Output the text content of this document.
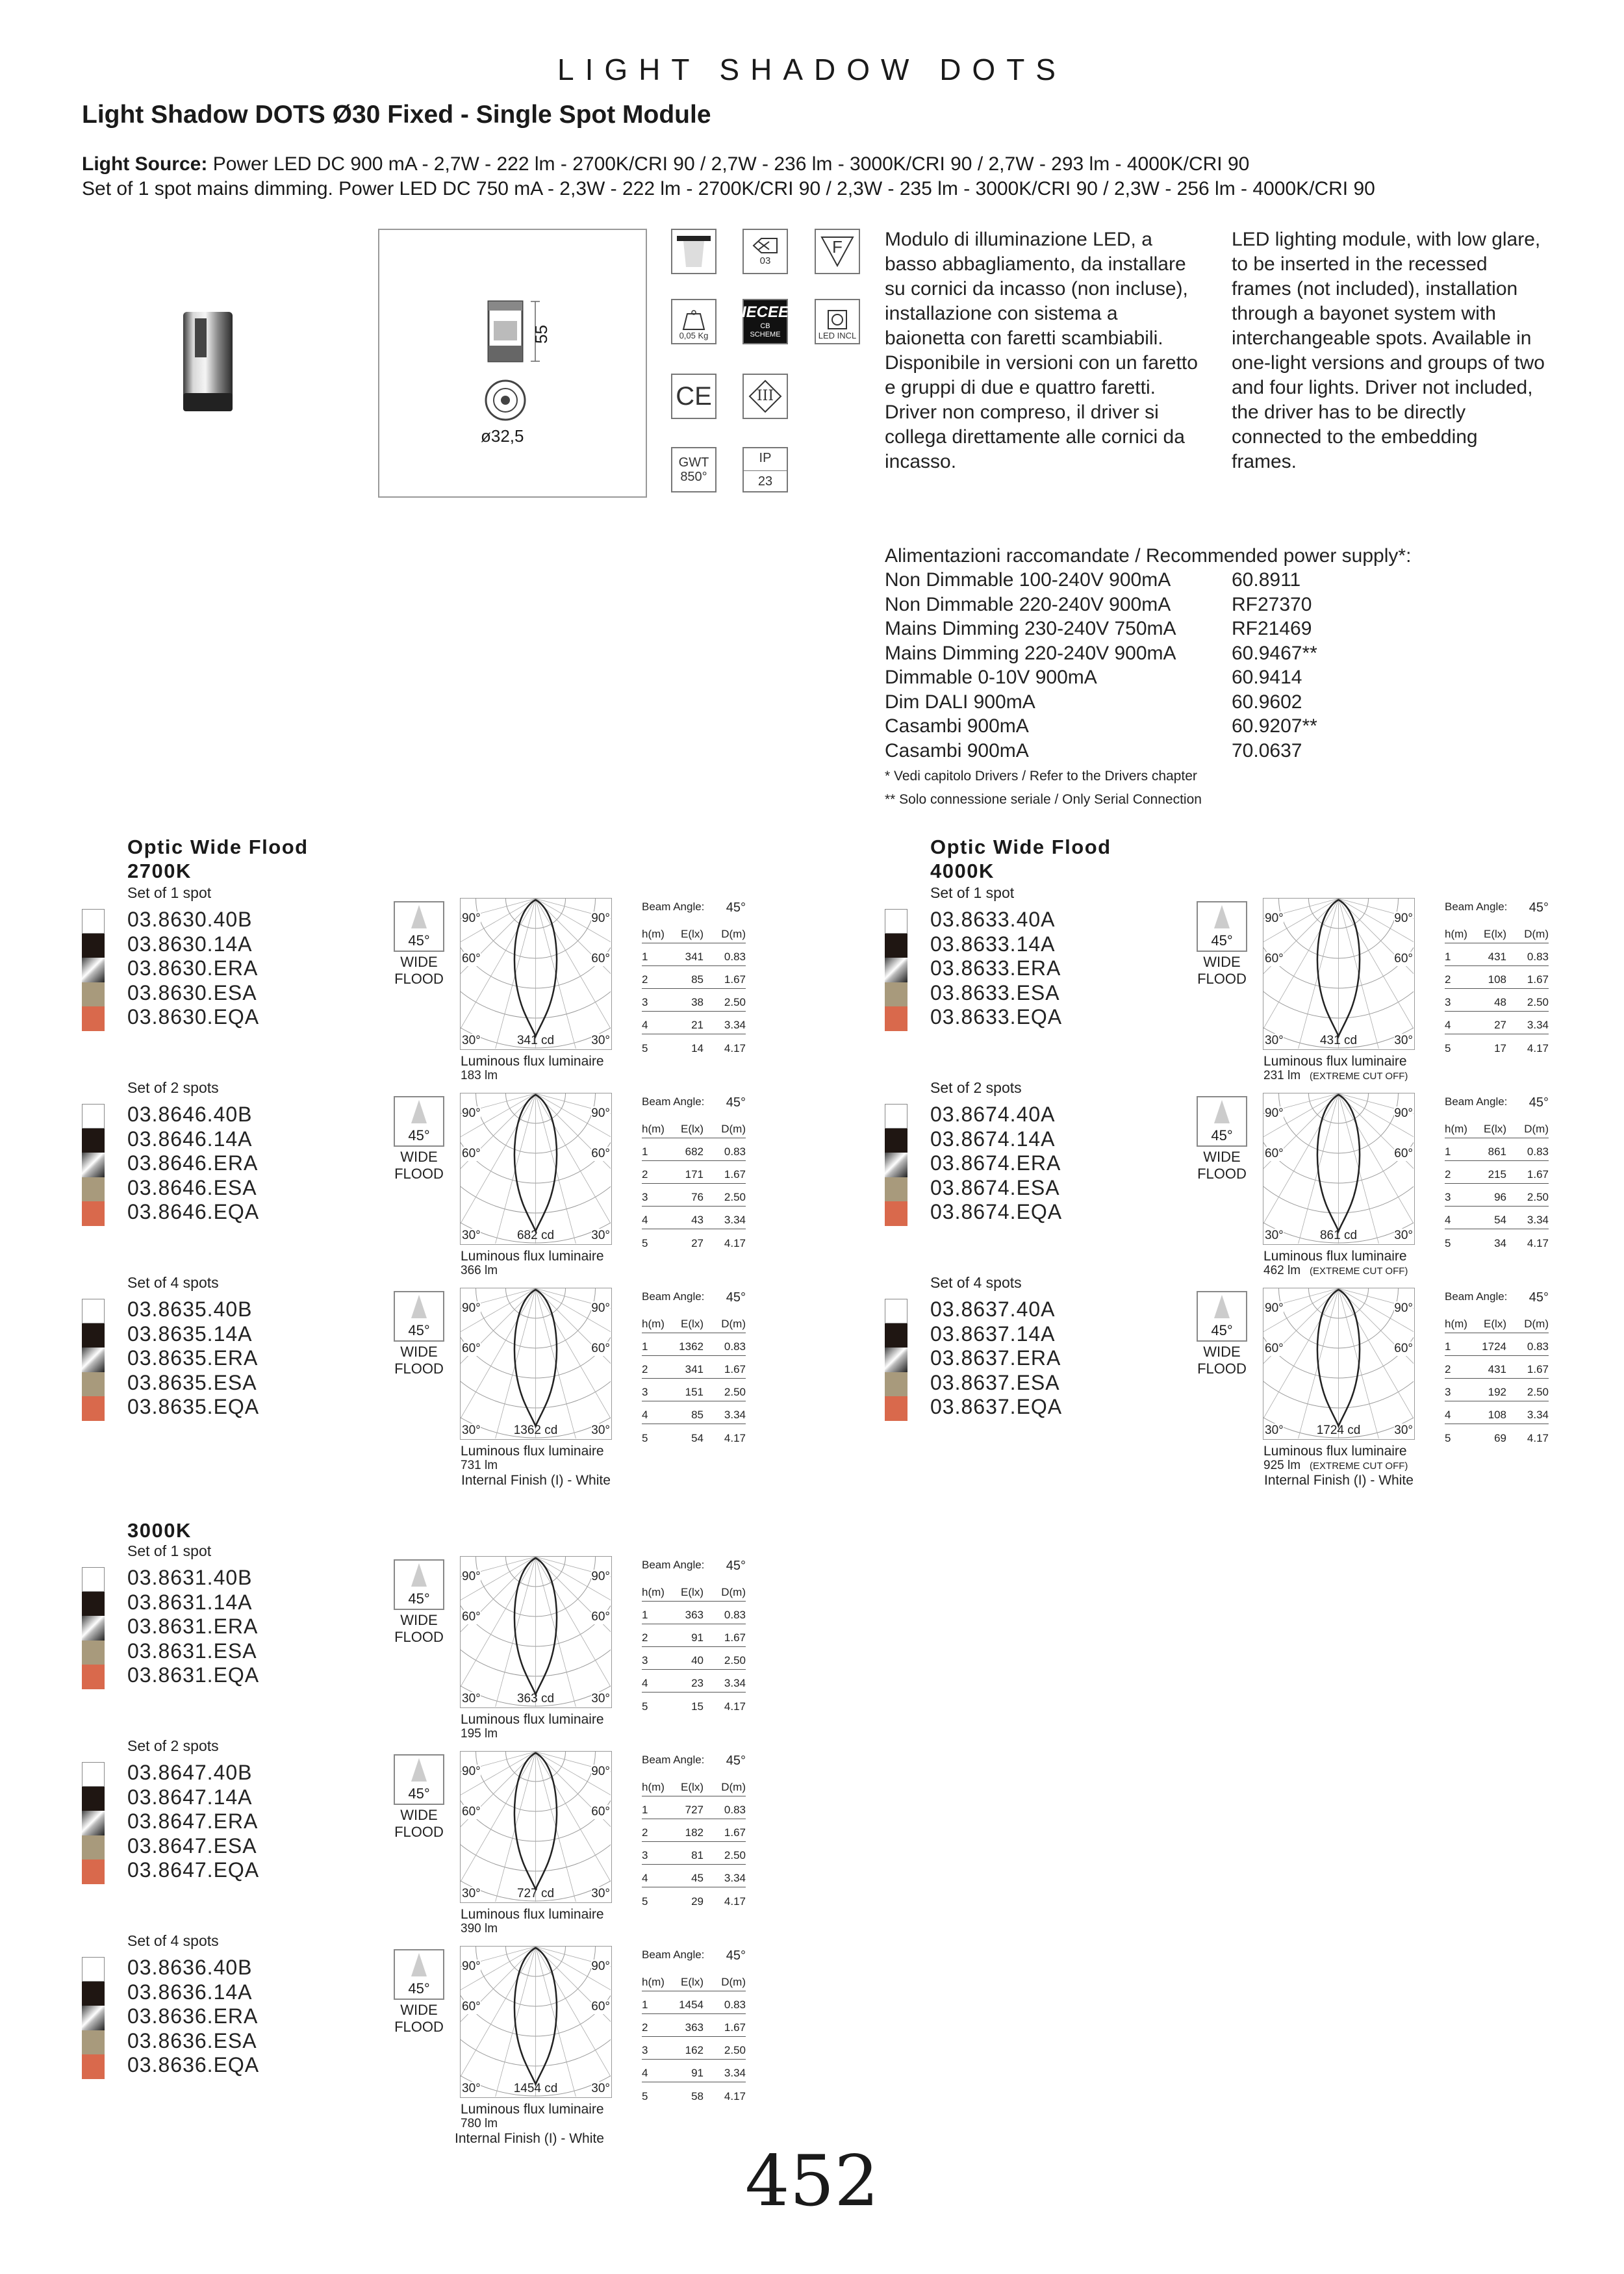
LIGHT SHADOW DOTS
Light Shadow DOTS Ø30 Fixed - Single Spot Module
Light Source: Power LED DC 900 mA - 2,7W - 222 lm - 2700K/CRI 90 / 2,7W - 236 lm - 3000K/CRI 90 / 2,7W - 293 lm - 4000K/CRI 90
Set of 1 spot mains dimming. Power LED DC 750 mA - 2,3W - 222 lm - 2700K/CRI 90 / 2,3W - 235 lm - 3000K/CRI 90 / 2,3W - 256 lm - 4000K/CRI 90
55
ø32,5
03
F
0,05 Kg
IECEE
CB
SCHEME	LED INCL
CE	III
GWT
850°
IP
23
Modulo di illuminazione LED, a
basso abbagliamento, da installare
su cornici da incasso (non incluse),
installazione con sistema a
baionetta con faretti scambiabili.
Disponibile in versioni con un faretto
e gruppi di due e quattro faretti.
Driver non compreso, il driver si
collega direttamente alle cornici da
incasso.
LED lighting module, with low glare,
to be inserted in the recessed
frames (not included), installation
through a bayonet system with
interchangeable spots. Available in
one-light versions and groups of two
and four lights. Driver not included,
the driver has to be directly
connected to the embedding
frames.
Alimentazioni raccomandate / Recommended power supply*:
Non Dimmable 100-240V 900mA	60.8911
Non Dimmable 220-240V 900mA	RF27370
Mains Dimming 230-240V 750mA	RF21469
Mains Dimming 220-240V 900mA	60.9467**
Dimmable 0-10V 900mA	60.9414
Dim DALI 900mA	60.9602
Casambi 900mA	60.9207**
Casambi 900mA	70.0637
* Vedi capitolo Drivers / Refer to the Drivers chapter
** Solo connessione seriale / Only Serial Connection
Optic Wide Flood
2700K
Set of 1 spot
03.8630.40B
03.8630.14A
03.8630.ERA
03.8630.ESA
03.8630.EQA
45°
WIDE
FLOOD
90°	90°
60°	60°
30°	30°
341 cd
Luminous flux luminaire
183 lm
Beam Angle: 45°
h(m)	E(lx)	D(m)
1	341	0.83
2	85	1.67
3	38	2.50
4	21	3.34
5	14	4.17
Set of 2 spots
03.8646.40B
03.8646.14A
03.8646.ERA
03.8646.ESA
03.8646.EQA
45°
WIDE
FLOOD
90°	90°
60°	60°
30°	30°
682 cd
Luminous flux luminaire
366 lm
Beam Angle: 45°
h(m)	E(lx)	D(m)
1	682	0.83
2	171	1.67
3	76	2.50
4	43	3.34
5	27	4.17
Set of 4 spots
03.8635.40B
03.8635.14A
03.8635.ERA
03.8635.ESA
03.8635.EQA
45°
WIDE
FLOOD
90°	90°
60°	60°
30°	30°
1362 cd
Luminous flux luminaire
731 lm
Beam Angle: 45°
h(m)	E(lx)	D(m)
1	1362	0.83
2	341	1.67
3	151	2.50
4	85	3.34
5	54	4.17
Internal Finish (I) - White
Optic Wide Flood
4000K
Set of 1 spot
03.8633.40A
03.8633.14A
03.8633.ERA
03.8633.ESA
03.8633.EQA
45°
WIDE
FLOOD
90°	90°
60°	60°
30°	30°
431 cd
Luminous flux luminaire
231 lm (EXTREME CUT OFF)
Beam Angle: 45°
h(m)	E(lx)	D(m)
1	431	0.83
2	108	1.67
3	48	2.50
4	27	3.34
5	17	4.17
Set of 2 spots
03.8674.40A
03.8674.14A
03.8674.ERA
03.8674.ESA
03.8674.EQA
45°
WIDE
FLOOD
90°	90°
60°	60°
30°	30°
861 cd
Luminous flux luminaire
462 lm (EXTREME CUT OFF)
Beam Angle: 45°
h(m)	E(lx)	D(m)
1	861	0.83
2	215	1.67
3	96	2.50
4	54	3.34
5	34	4.17
Set of 4 spots
03.8637.40A
03.8637.14A
03.8637.ERA
03.8637.ESA
03.8637.EQA
45°
WIDE
FLOOD
90°	90°
60°	60°
30°	30°
1724 cd
Luminous flux luminaire
925 lm (EXTREME CUT OFF)
Beam Angle: 45°
h(m)	E(lx)	D(m)
1	1724	0.83
2	431	1.67
3	192	2.50
4	108	3.34
5	69	4.17
Internal Finish (I) - White
3000K
Set of 1 spot
03.8631.40B
03.8631.14A
03.8631.ERA
03.8631.ESA
03.8631.EQA
45°
WIDE
FLOOD
90°	90°
60°	60°
30°	30°
363 cd
Luminous flux luminaire
195 lm
Beam Angle: 45°
h(m)	E(lx)	D(m)
1	363	0.83
2	91	1.67
3	40	2.50
4	23	3.34
5	15	4.17
Set of 2 spots
03.8647.40B
03.8647.14A
03.8647.ERA
03.8647.ESA
03.8647.EQA
45°
WIDE
FLOOD
90°	90°
60°	60°
30°	30°
727 cd
Luminous flux luminaire
390 lm
Beam Angle: 45°
h(m)	E(lx)	D(m)
1	727	0.83
2	182	1.67
3	81	2.50
4	45	3.34
5	29	4.17
Set of 4 spots
03.8636.40B
03.8636.14A
03.8636.ERA
03.8636.ESA
03.8636.EQA
45°
WIDE
FLOOD
90°	90°
60°	60°
30°	30°
1454 cd
Luminous flux luminaire
780 lm
Beam Angle: 45°
h(m)	E(lx)	D(m)
1	1454	0.83
2	363	1.67
3	162	2.50
4	91	3.34
5	58	4.17
Internal Finish (I) - White
452
